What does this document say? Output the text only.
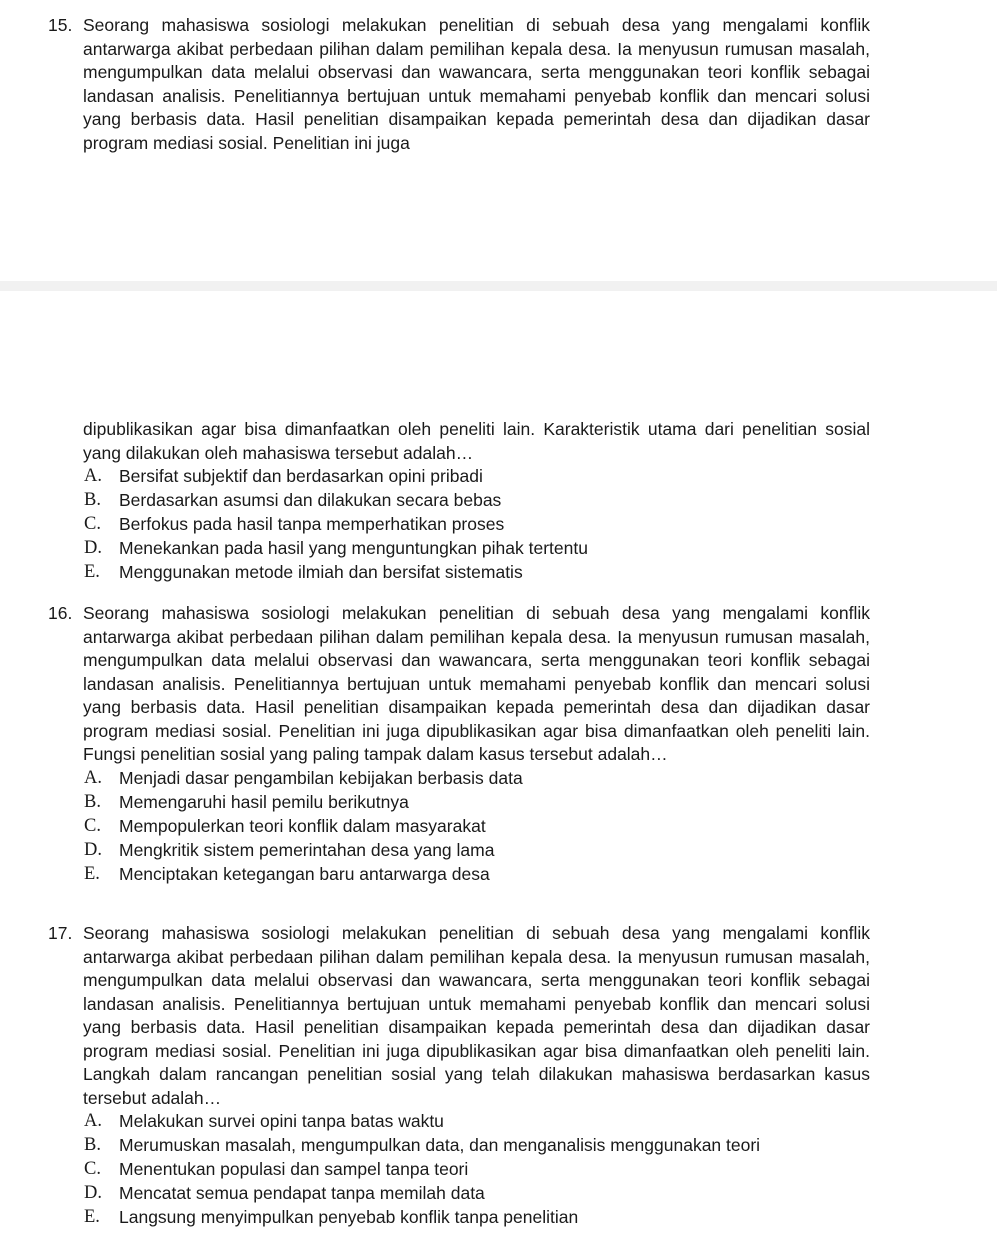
15. Seorang mahasiswa sosiologi melakukan penelitian di sebuah desa yang mengalami konflik antarwarga akibat perbedaan pilihan dalam pemilihan kepala desa. Ia menyusun rumusan masalah, mengumpulkan data melalui observasi dan wawancara, serta menggunakan teori konflik sebagai landasan analisis. Penelitiannya bertujuan untuk memahami penyebab konflik dan mencari solusi yang berbasis data. Hasil penelitian disampaikan kepada pemerintah desa dan dijadikan dasar program mediasi sosial. Penelitian ini juga

dipublikasikan agar bisa dimanfaatkan oleh peneliti lain. Karakteristik utama dari penelitian sosial yang dilakukan oleh mahasiswa tersebut adalah…

A. Bersifat subjektif dan berdasarkan opini pribadi
B. Berdasarkan asumsi dan dilakukan secara bebas
C. Berfokus pada hasil tanpa memperhatikan proses
D. Menekankan pada hasil yang menguntungkan pihak tertentu
E. Menggunakan metode ilmiah dan bersifat sistematis
16. Seorang mahasiswa sosiologi melakukan penelitian di sebuah desa yang mengalami konflik antarwarga akibat perbedaan pilihan dalam pemilihan kepala desa. Ia menyusun rumusan masalah, mengumpulkan data melalui observasi dan wawancara, serta menggunakan teori konflik sebagai landasan analisis. Penelitiannya bertujuan untuk memahami penyebab konflik dan mencari solusi yang berbasis data. Hasil penelitian disampaikan kepada pemerintah desa dan dijadikan dasar program mediasi sosial. Penelitian ini juga dipublikasikan agar bisa dimanfaatkan oleh peneliti lain. Fungsi penelitian sosial yang paling tampak dalam kasus tersebut adalah…

A. Menjadi dasar pengambilan kebijakan berbasis data
B. Memengaruhi hasil pemilu berikutnya
C. Mempopulerkan teori konflik dalam masyarakat
D. Mengkritik sistem pemerintahan desa yang lama
E. Menciptakan ketegangan baru antarwarga desa
17. Seorang mahasiswa sosiologi melakukan penelitian di sebuah desa yang mengalami konflik antarwarga akibat perbedaan pilihan dalam pemilihan kepala desa. Ia menyusun rumusan masalah, mengumpulkan data melalui observasi dan wawancara, serta menggunakan teori konflik sebagai landasan analisis. Penelitiannya bertujuan untuk memahami penyebab konflik dan mencari solusi yang berbasis data. Hasil penelitian disampaikan kepada pemerintah desa dan dijadikan dasar program mediasi sosial. Penelitian ini juga dipublikasikan agar bisa dimanfaatkan oleh peneliti lain. Langkah dalam rancangan penelitian sosial yang telah dilakukan mahasiswa berdasarkan kasus tersebut adalah…

A. Melakukan survei opini tanpa batas waktu
B. Merumuskan masalah, mengumpulkan data, dan menganalisis menggunakan teori
C. Menentukan populasi dan sampel tanpa teori
D. Mencatat semua pendapat tanpa memilah data
E. Langsung menyimpulkan penyebab konflik tanpa penelitian
